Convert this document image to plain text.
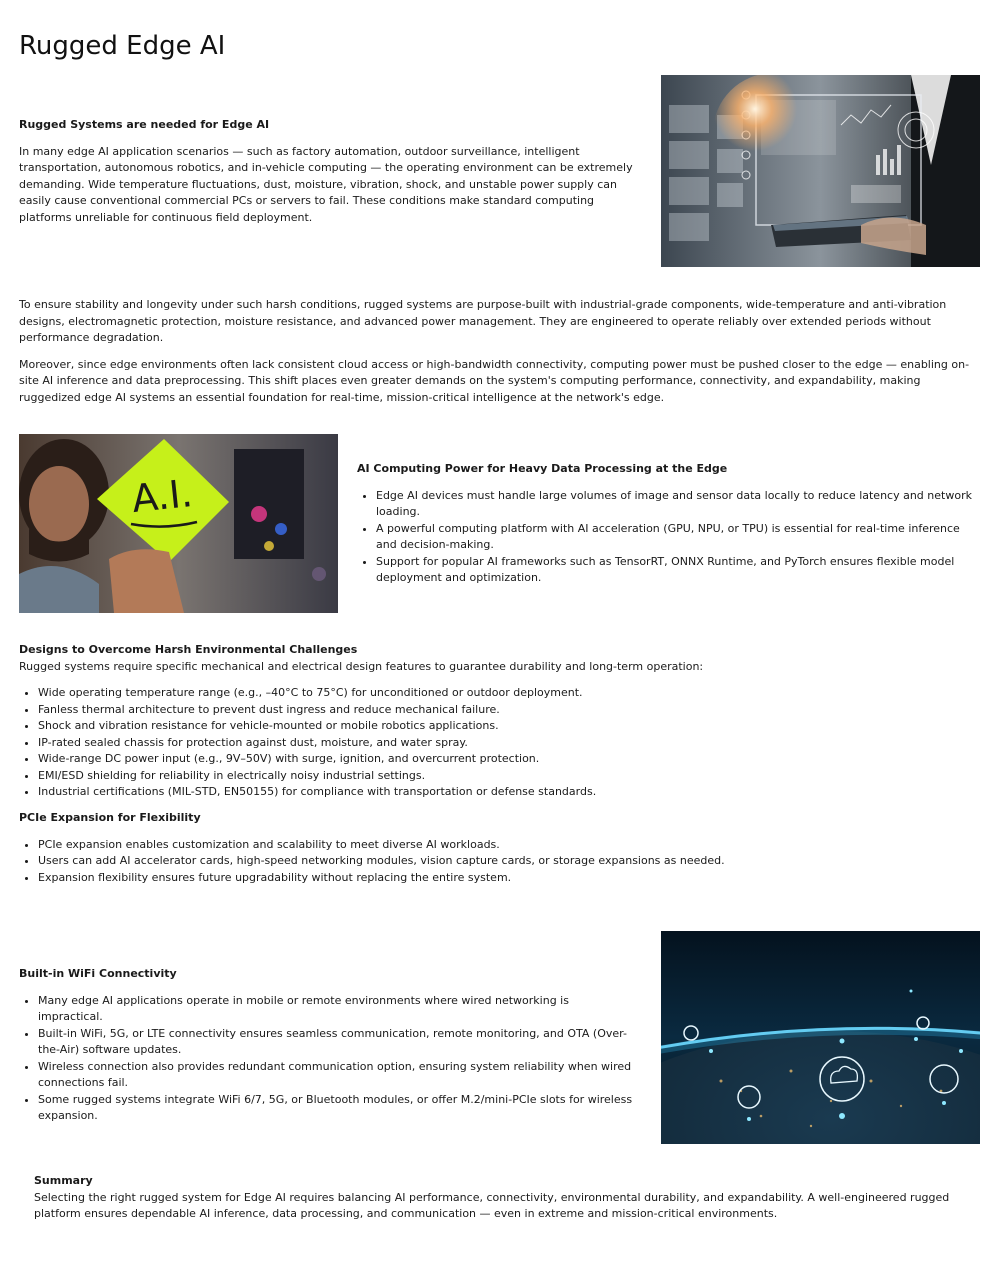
Rugged Edge AI
Rugged Systems are needed for Edge AI

In many edge AI application scenarios — such as factory automation, outdoor surveillance, intelligent transportation, autonomous robotics, and in-vehicle computing — the operating environment can be extremely demanding. Wide temperature fluctuations, dust, moisture, vibration, shock, and unstable power supply can easily cause conventional commercial PCs or servers to fail. These conditions make standard computing platforms unreliable for continuous field deployment.

To ensure stability and longevity under such harsh conditions, rugged systems are purpose-built with industrial-grade components, wide-temperature and anti-vibration designs, electromagnetic protection, moisture resistance, and advanced power management. They are engineered to operate reliably over extended periods without performance degradation.

Moreover, since edge environments often lack consistent cloud access or high-bandwidth connectivity, computing power must be pushed closer to the edge — enabling on-site AI inference and data preprocessing. This shift places even greater demands on the system's computing performance, connectivity, and expandability, making ruggedized edge AI systems an essential foundation for real-time, mission-critical intelligence at the network's edge.

A.I.
AI Computing Power for Heavy Data Processing at the Edge
• Edge AI devices must handle large volumes of image and sensor data locally to reduce latency and network loading.
• A powerful computing platform with AI acceleration (GPU, NPU, or TPU) is essential for real-time inference and decision-making.
• Support for popular AI frameworks such as TensorRT, ONNX Runtime, and PyTorch ensures flexible model deployment and optimization.
Designs to Overcome Harsh Environmental Challenges

Rugged systems require specific mechanical and electrical design features to guarantee durability and long-term operation:

• Wide operating temperature range (e.g., –40°C to 75°C) for unconditioned or outdoor deployment.
• Fanless thermal architecture to prevent dust ingress and reduce mechanical failure.
• Shock and vibration resistance for vehicle-mounted or mobile robotics applications.
• IP-rated sealed chassis for protection against dust, moisture, and water spray.
• Wide-range DC power input (e.g., 9V–50V) with surge, ignition, and overcurrent protection.
• EMI/ESD shielding for reliability in electrically noisy industrial settings.
• Industrial certifications (MIL-STD, EN50155) for compliance with transportation or defense standards.
PCIe Expansion for Flexibility
• PCIe expansion enables customization and scalability to meet diverse AI workloads.
• Users can add AI accelerator cards, high-speed networking modules, vision capture cards, or storage expansions as needed.
• Expansion flexibility ensures future upgradability without replacing the entire system.
Built-in WiFi Connectivity
• Many edge AI applications operate in mobile or remote environments where wired networking is impractical.
• Built-in WiFi, 5G, or LTE connectivity ensures seamless communication, remote monitoring, and OTA (Over-the-Air) software updates.
• Wireless connection also provides redundant communication option, ensuring system reliability when wired connections fail.
• Some rugged systems integrate WiFi 6/7, 5G, or Bluetooth modules, or offer M.2/mini-PCIe slots for wireless expansion.
Summary

Selecting the right rugged system for Edge AI requires balancing AI performance, connectivity, environmental durability, and expandability. A well-engineered rugged platform ensures dependable AI inference, data processing, and communication — even in extreme and mission-critical environments.
